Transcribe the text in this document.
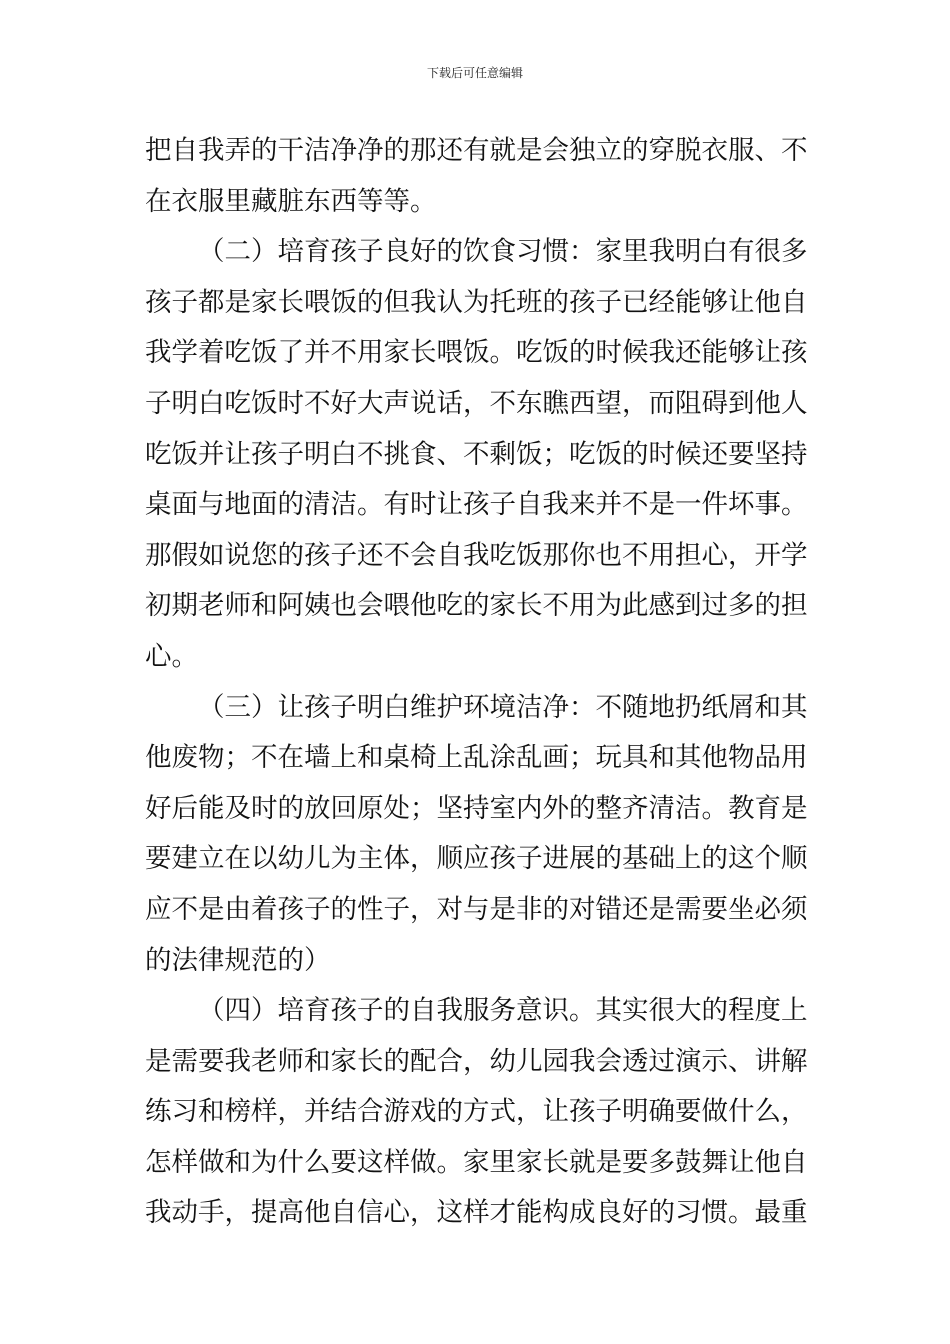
下载后可任意编辑
把自我弄的干洁净净的那还有就是会独立的穿脱衣服、不
在衣服里藏脏东西等等。
（二）培育孩子良好的饮食习惯：家里我明白有很多
孩子都是家长喂饭的但我认为托班的孩子已经能够让他自
我学着吃饭了并不用家长喂饭。吃饭的时候我还能够让孩
子明白吃饭时不好大声说话，不东瞧西望，而阻碍到他人
吃饭并让孩子明白不挑食、不剩饭；吃饭的时候还要坚持
桌面与地面的清洁。有时让孩子自我来并不是一件坏事。
那假如说您的孩子还不会自我吃饭那你也不用担心，开学
初期老师和阿姨也会喂他吃的家长不用为此感到过多的担
心。
（三）让孩子明白维护环境洁净：不随地扔纸屑和其
他废物；不在墙上和桌椅上乱涂乱画；玩具和其他物品用
好后能及时的放回原处；坚持室内外的整齐清洁。教育是
要建立在以幼儿为主体，顺应孩子进展的基础上的这个顺
应不是由着孩子的性子，对与是非的对错还是需要坐必须
的法律规范的）
（四）培育孩子的自我服务意识。其实很大的程度上
是需要我老师和家长的配合，幼儿园我会透过演示、讲解
练习和榜样，并结合游戏的方式，让孩子明确要做什么，
怎样做和为什么要这样做。家里家长就是要多鼓舞让他自
我动手，提高他自信心，这样才能构成良好的习惯。最重
